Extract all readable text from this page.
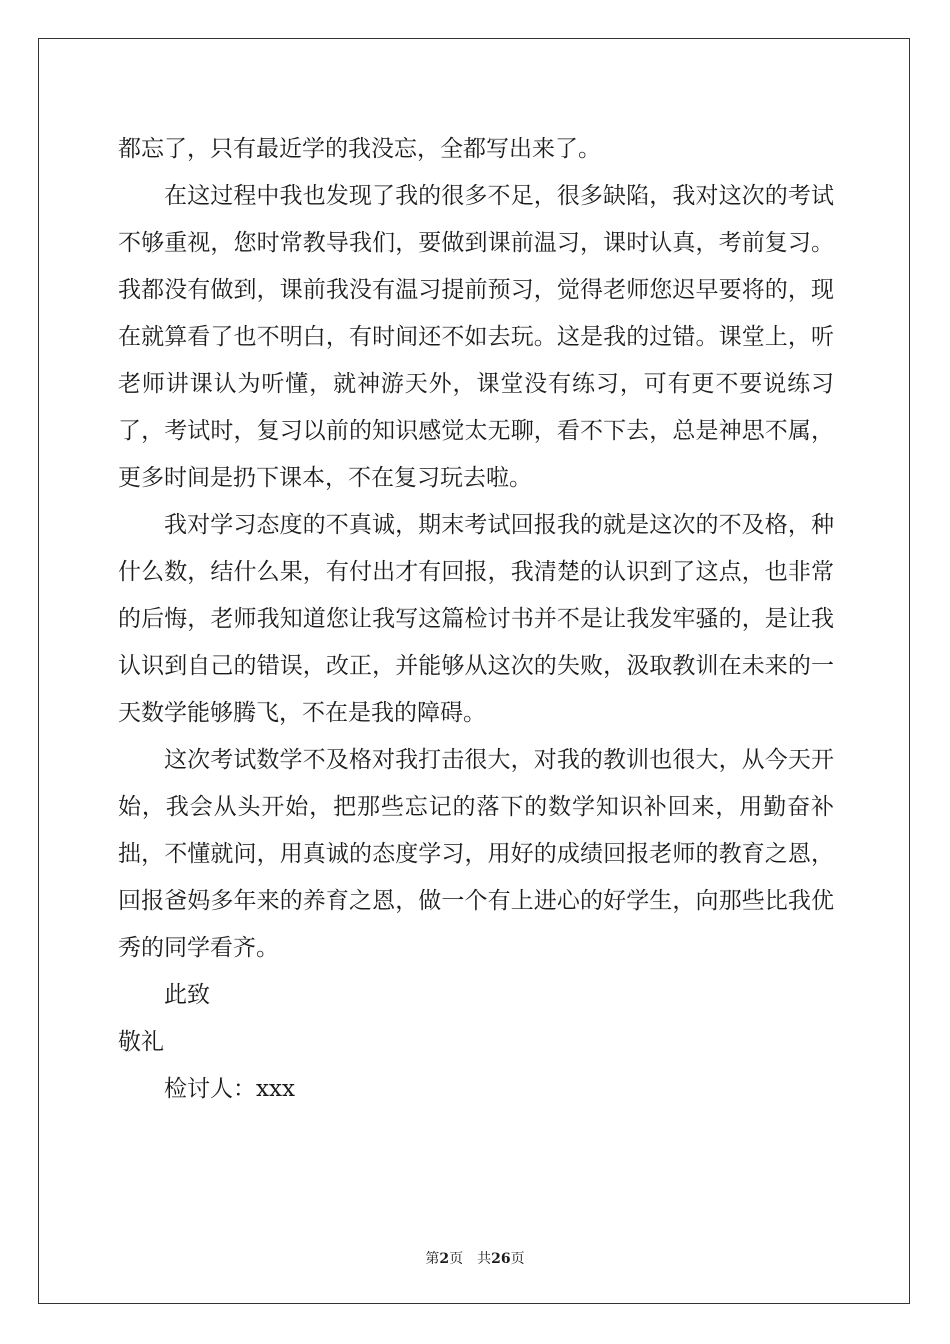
都忘了，只有最近学的我没忘，全都写出来了。

在这过程中我也发现了我的很多不足，很多缺陷，我对这次的考试不够重视，您时常教导我们，要做到课前温习，课时认真，考前复习。我都没有做到，课前我没有温习提前预习，觉得老师您迟早要将的，现在就算看了也不明白，有时间还不如去玩。这是我的过错。课堂上，听老师讲课认为听懂，就神游天外，课堂没有练习，可有更不要说练习了，考试时，复习以前的知识感觉太无聊，看不下去，总是神思不属，更多时间是扔下课本，不在复习玩去啦。

我对学习态度的不真诚，期末考试回报我的就是这次的不及格，种什么数，结什么果，有付出才有回报，我清楚的认识到了这点，也非常的后悔，老师我知道您让我写这篇检讨书并不是让我发牢骚的，是让我认识到自己的错误，改正，并能够从这次的失败，汲取教训在未来的一天数学能够腾飞，不在是我的障碍。

这次考试数学不及格对我打击很大，对我的教训也很大，从今天开始，我会从头开始，把那些忘记的落下的数学知识补回来，用勤奋补拙，不懂就问，用真诚的态度学习，用好的成绩回报老师的教育之恩，回报爸妈多年来的养育之恩，做一个有上进心的好学生，向那些比我优秀的同学看齐。

此致

敬礼

检讨人：xxx

第2页 共26页
